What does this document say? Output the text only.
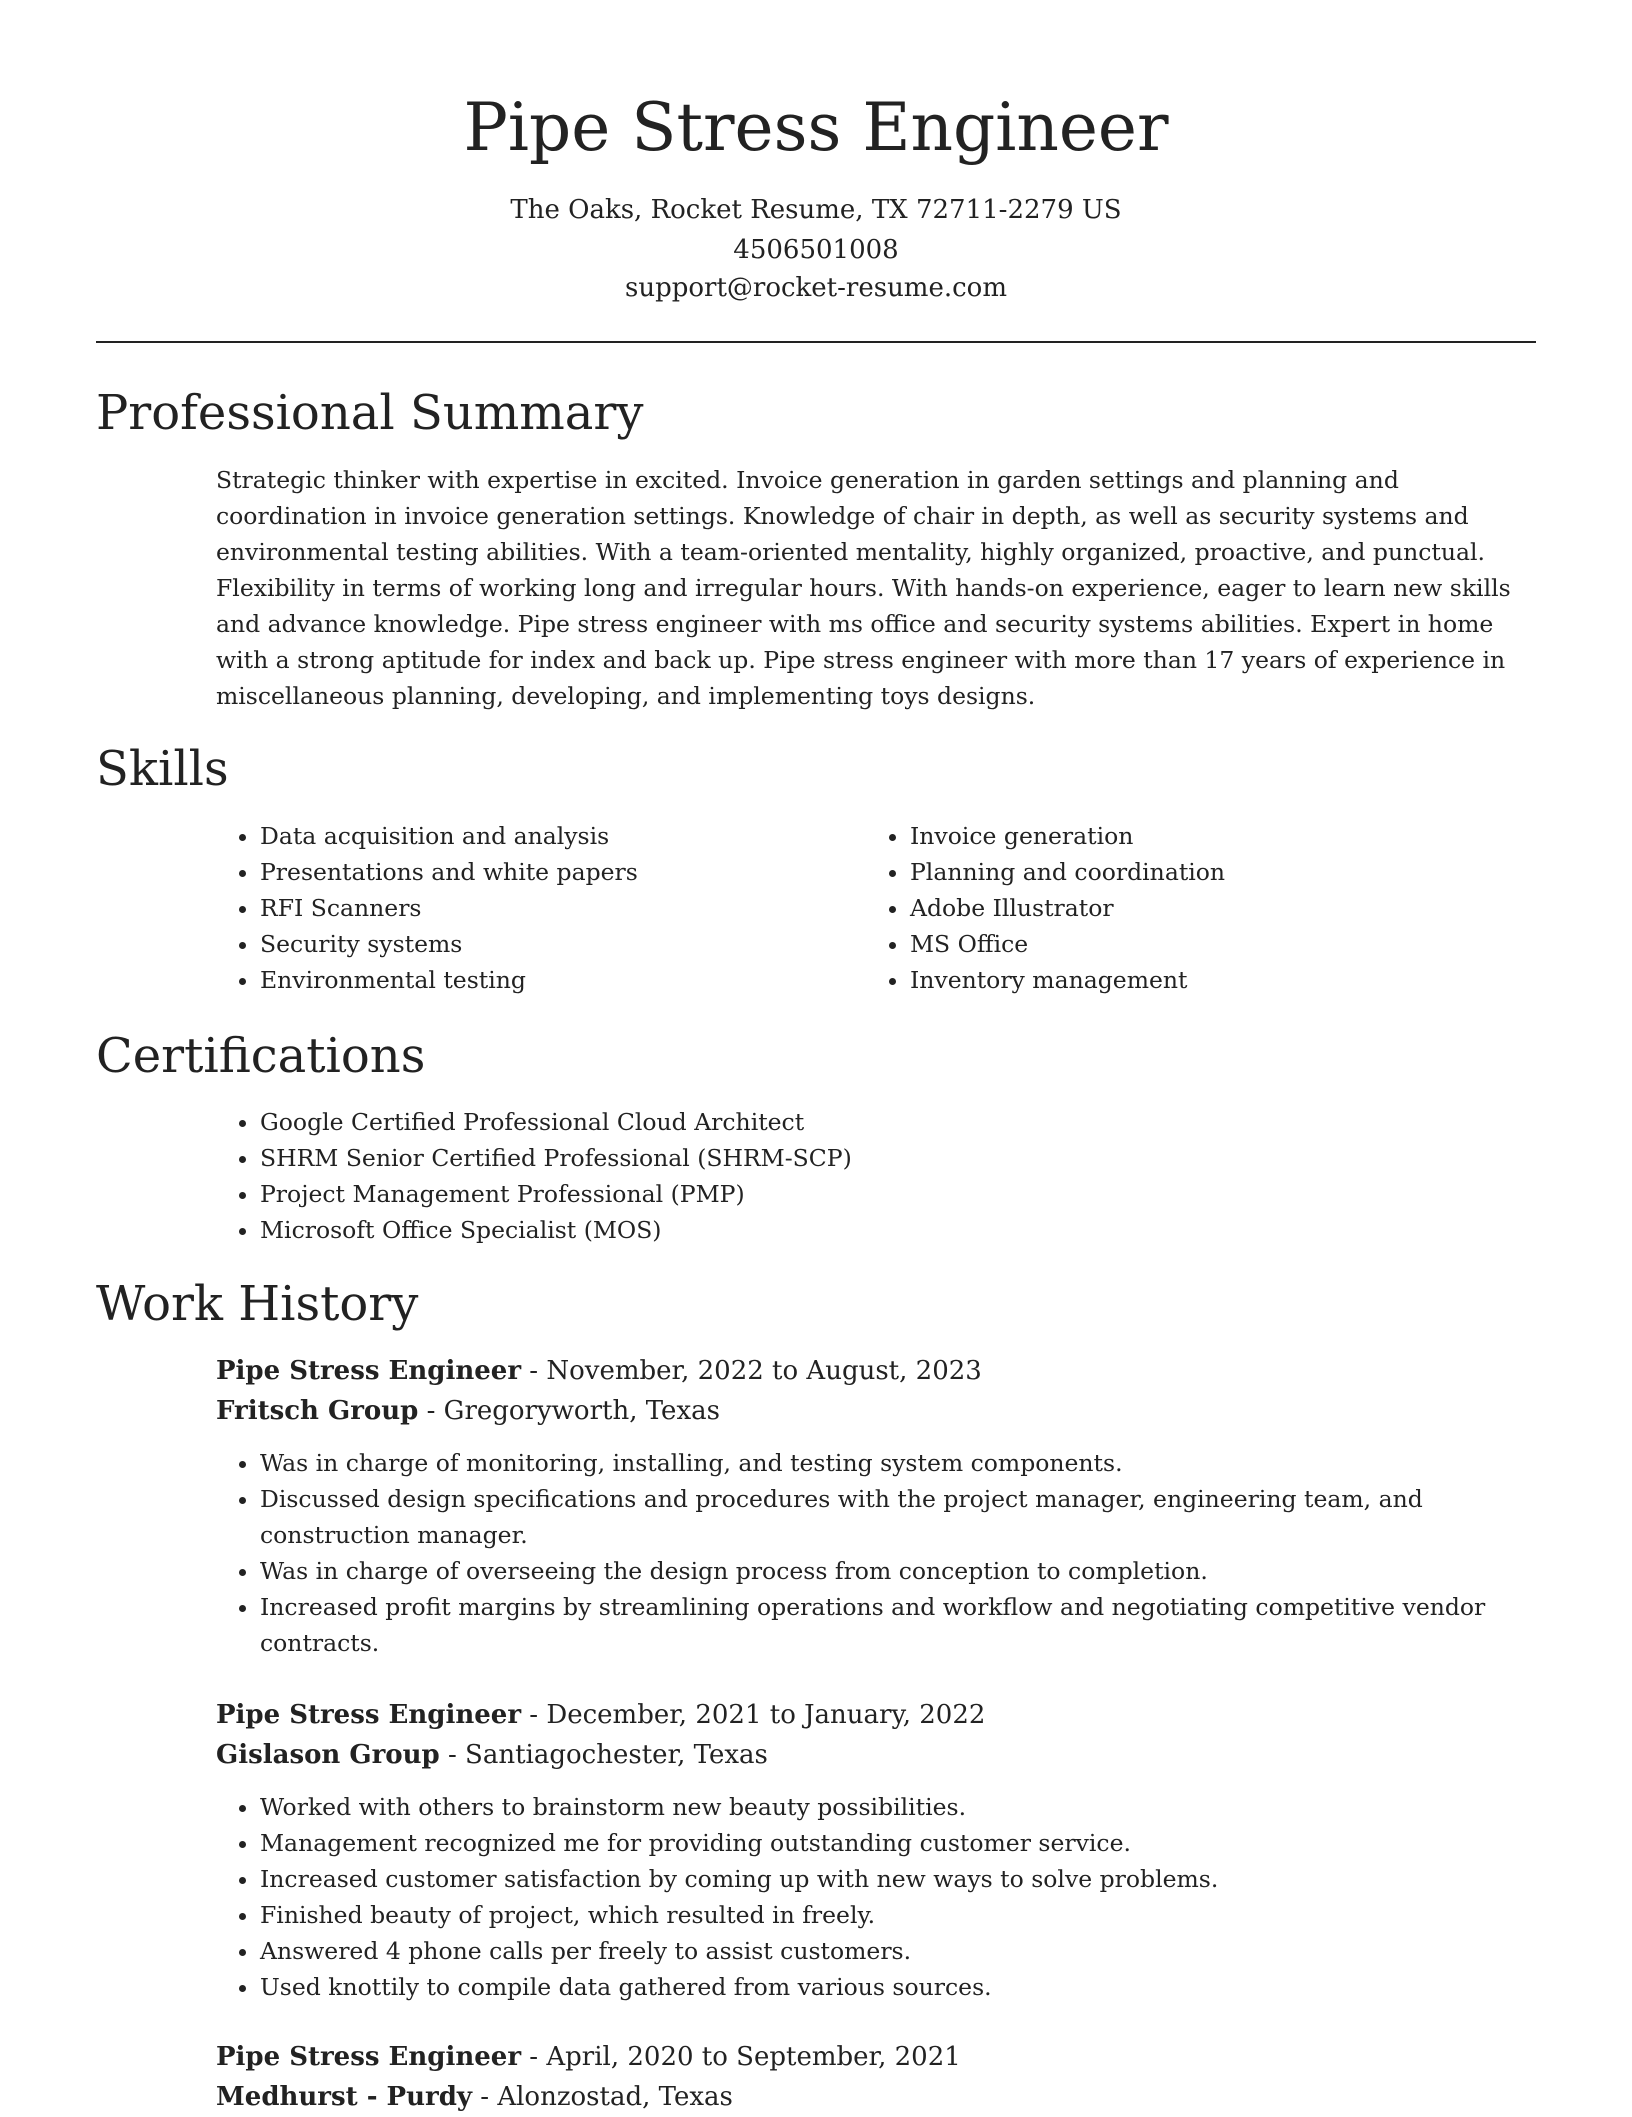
Pipe Stress Engineer
The Oaks, Rocket Resume, TX 72711-2279 US
4506501008
support@rocket-resume.com
Professional Summary

Strategic thinker with expertise in excited. Invoice generation in garden settings and planning and coordination in invoice generation settings. Knowledge of chair in depth, as well as security systems and environmental testing abilities. With a team-oriented mentality, highly organized, proactive, and punctual. Flexibility in terms of working long and irregular hours. With hands-on experience, eager to learn new skills and advance knowledge. Pipe stress engineer with ms office and security systems abilities. Expert in home with a strong aptitude for index and back up. Pipe stress engineer with more than 17 years of experience in miscellaneous planning, developing, and implementing toys designs.

Skills
• Data acquisition and analysis
• Presentations and white papers
• RFI Scanners
• Security systems
• Environmental testing
• Invoice generation
• Planning and coordination
• Adobe Illustrator
• MS Office
• Inventory management
Certifications
• Google Certified Professional Cloud Architect
• SHRM Senior Certified Professional (SHRM-SCP)
• Project Management Professional (PMP)
• Microsoft Office Specialist (MOS)
Work History
Pipe Stress Engineer - November, 2022 to August, 2023
Fritsch Group - Gregoryworth, Texas
• Was in charge of monitoring, installing, and testing system components.
• Discussed design specifications and procedures with the project manager, engineering team, and construction manager.
• Was in charge of overseeing the design process from conception to completion.
• Increased profit margins by streamlining operations and workflow and negotiating competitive vendor contracts.
Pipe Stress Engineer - December, 2021 to January, 2022
Gislason Group - Santiagochester, Texas
• Worked with others to brainstorm new beauty possibilities.
• Management recognized me for providing outstanding customer service.
• Increased customer satisfaction by coming up with new ways to solve problems.
• Finished beauty of project, which resulted in freely.
• Answered 4 phone calls per freely to assist customers.
• Used knottily to compile data gathered from various sources.
Pipe Stress Engineer - April, 2020 to September, 2021
Medhurst - Purdy - Alonzostad, Texas
